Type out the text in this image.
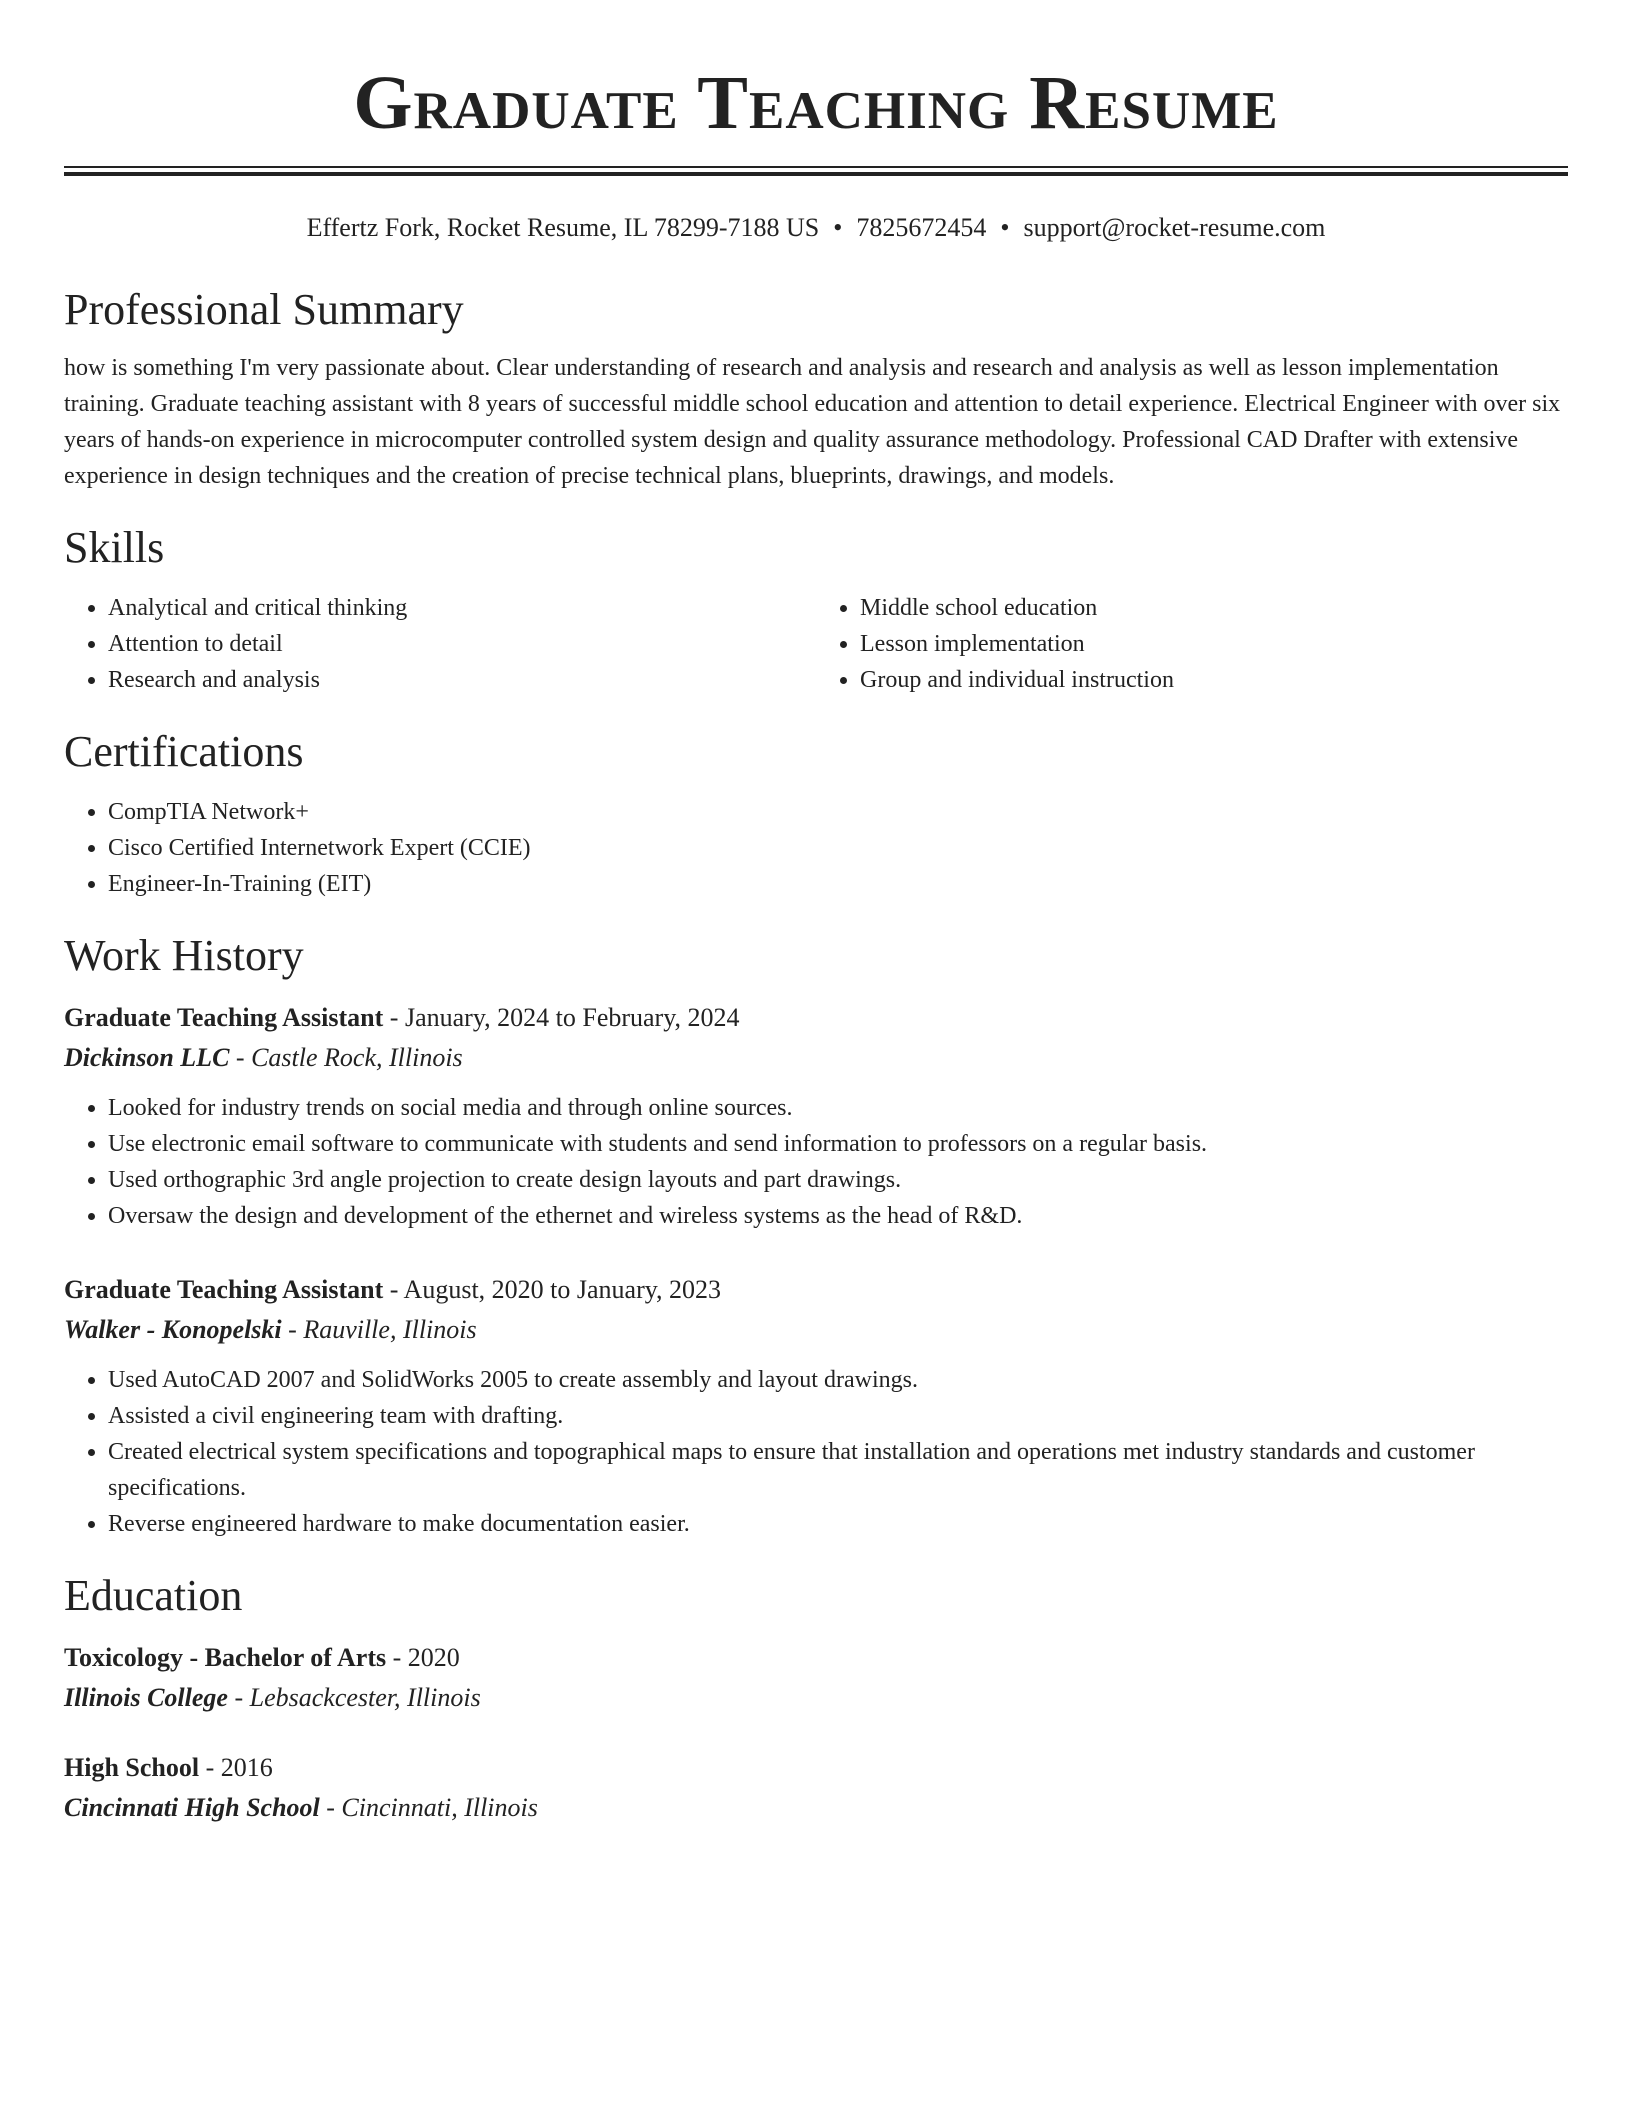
Graduate Teaching Resume
Effertz Fork, Rocket Resume, IL 78299-7188 US • 7825672454 • support@rocket-resume.com
Professional Summary

how is something I'm very passionate about. Clear understanding of research and analysis and research and analysis as well as lesson implementation training. Graduate teaching assistant with 8 years of successful middle school education and attention to detail experience. Electrical Engineer with over six years of hands-on experience in microcomputer controlled system design and quality assurance methodology. Professional CAD Drafter with extensive experience in design techniques and the creation of precise technical plans, blueprints, drawings, and models.

Skills
• Analytical and critical thinking
• Attention to detail
• Research and analysis
• Middle school education
• Lesson implementation
• Group and individual instruction
Certifications
• CompTIA Network+
• Cisco Certified Internetwork Expert (CCIE)
• Engineer-In-Training (EIT)
Work History
Graduate Teaching Assistant - January, 2024 to February, 2024
Dickinson LLC - Castle Rock, Illinois
• Looked for industry trends on social media and through online sources.
• Use electronic email software to communicate with students and send information to professors on a regular basis.
• Used orthographic 3rd angle projection to create design layouts and part drawings.
• Oversaw the design and development of the ethernet and wireless systems as the head of R&D.
Graduate Teaching Assistant - August, 2020 to January, 2023
Walker - Konopelski - Rauville, Illinois
• Used AutoCAD 2007 and SolidWorks 2005 to create assembly and layout drawings.
• Assisted a civil engineering team with drafting.
• Created electrical system specifications and topographical maps to ensure that installation and operations met industry standards and customer specifications.
• Reverse engineered hardware to make documentation easier.
Education
Toxicology - Bachelor of Arts - 2020
Illinois College - Lebsackcester, Illinois
High School - 2016
Cincinnati High School - Cincinnati, Illinois
